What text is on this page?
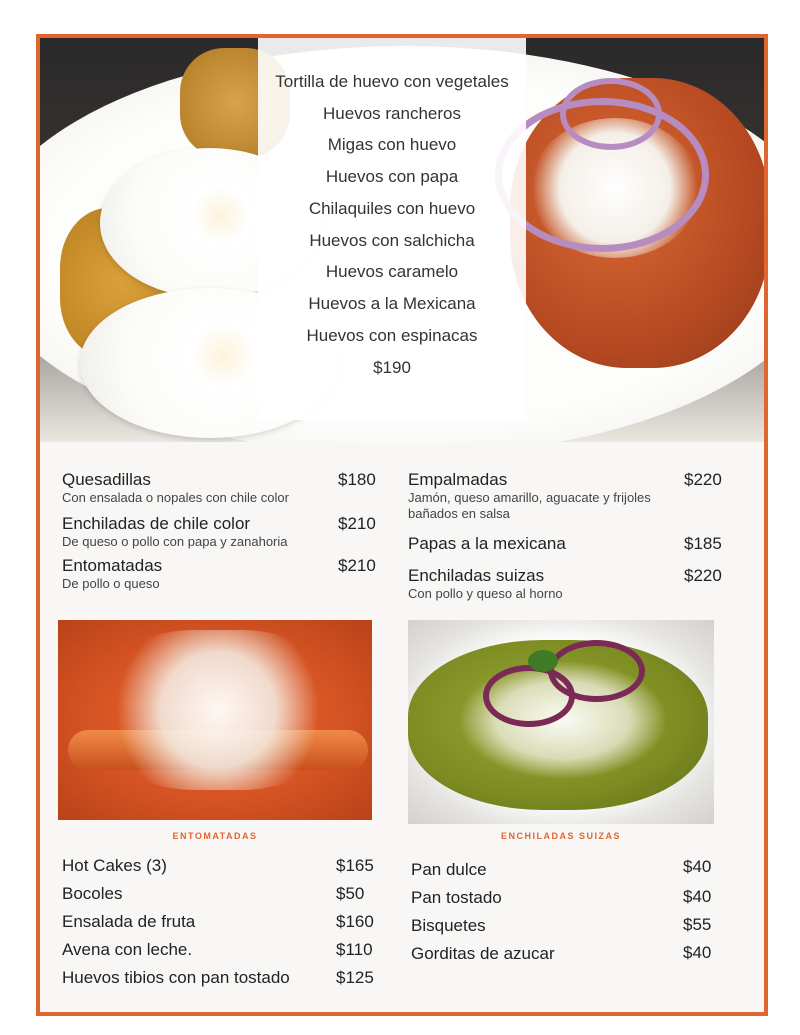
Tortilla de huevo con vegetales
Huevos rancheros
Migas con huevo
Huevos con papa
Chilaquiles con huevo
Huevos con salchicha
Huevos caramelo
Huevos a la Mexicana
Huevos con espinacas
$190
Quesadillas
Con ensalada o nopales con chile color
$180
Enchiladas de chile color
De queso o pollo con papa y zanahoria
$210
Entomatadas
De pollo o queso
$210
Empalmadas
Jamón, queso amarillo, aguacate y frijoles bañados en salsa
$220
Papas a la mexicana	$185
Enchiladas suizas
Con pollo y queso al horno
$220
ENTOMATADAS	ENCHILADAS SUIZAS
Hot Cakes (3)	$165
Bocoles	$50
Ensalada de fruta	$160
Avena con leche.	$110
Huevos tibios con pan tostado	$125
Pan dulce	$40
Pan tostado	$40
Bisquetes	$55
Gorditas de azucar	$40
